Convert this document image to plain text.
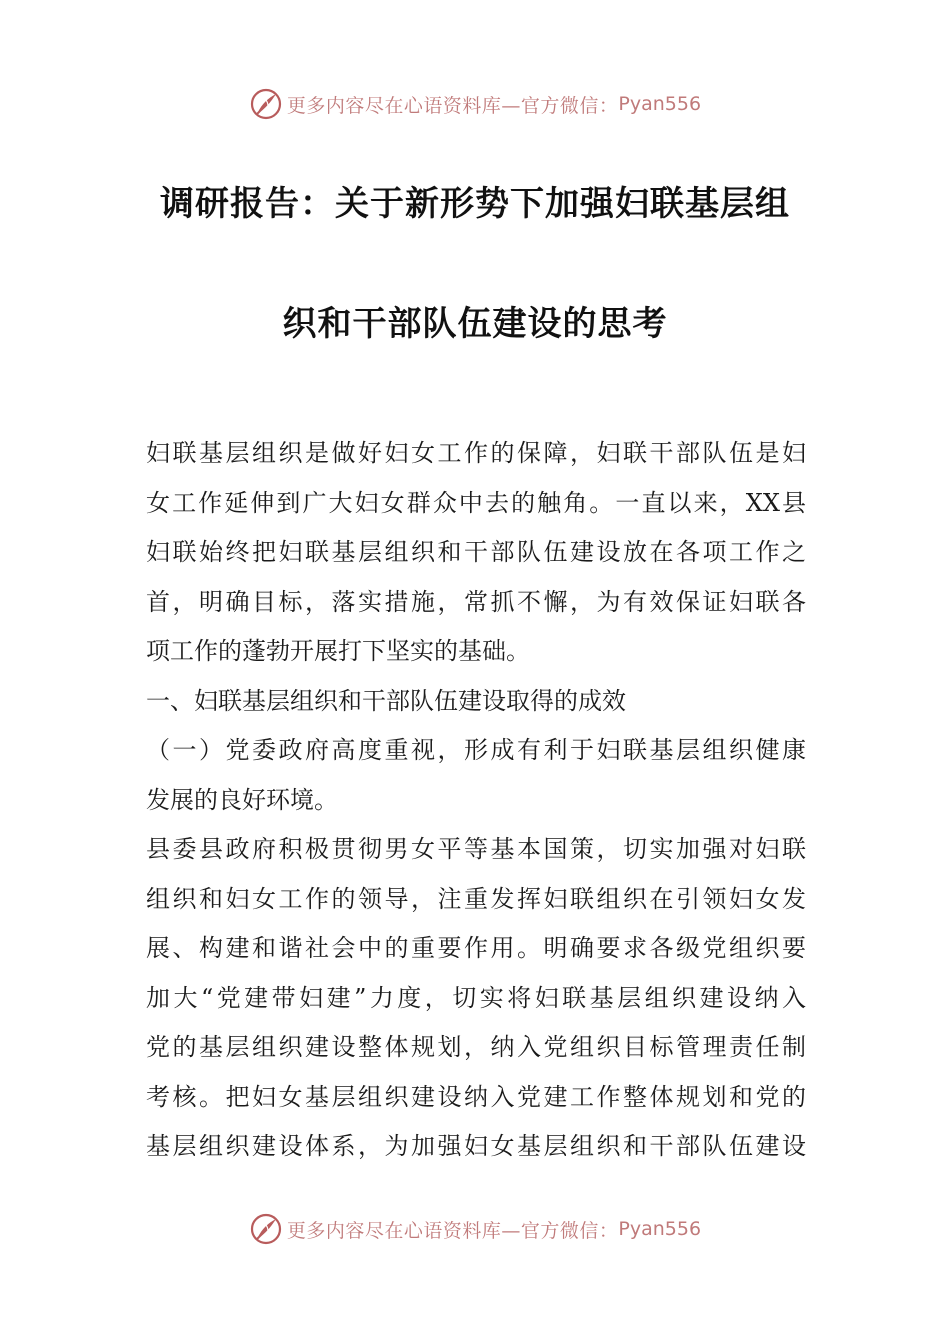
更多内容尽在心语资料库—官方微信： Pyan556
调研报告：关于新形势下加强妇联基层组
织和干部队伍建设的思考
妇联基层组织是做好妇女工作的保障，妇联干部队伍是妇
女工作延伸到广大妇女群众中去的触角。一直以来，XX县
妇联始终把妇联基层组织和干部队伍建设放在各项工作之
首，明确目标，落实措施，常抓不懈，为有效保证妇联各
项工作的蓬勃开展打下坚实的基础。
一、妇联基层组织和干部队伍建设取得的成效
（一）党委政府高度重视，形成有利于妇联基层组织健康
发展的良好环境。
县委县政府积极贯彻男女平等基本国策，切实加强对妇联
组织和妇女工作的领导，注重发挥妇联组织在引领妇女发
展、构建和谐社会中的重要作用。明确要求各级党组织要
加大“党建带妇建”力度，切实将妇联基层组织建设纳入
党的基层组织建设整体规划，纳入党组织目标管理责任制
考核。把妇女基层组织建设纳入党建工作整体规划和党的
基层组织建设体系，为加强妇女基层组织和干部队伍建设
更多内容尽在心语资料库—官方微信： Pyan556
